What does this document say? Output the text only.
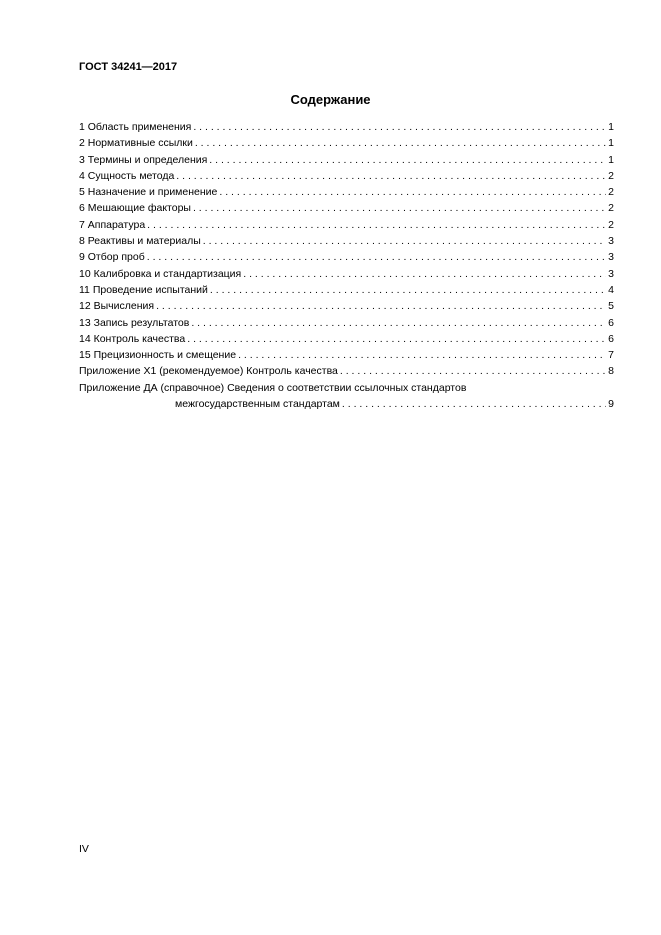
ГОСТ 34241—2017
Содержание
1 Область применения . . .	1
2 Нормативные ссылки . . .	1
3 Термины и определения . . .	1
4 Сущность метода . . .	2
5 Назначение и применение . . .	2
6 Мешающие факторы . . .	2
7 Аппаратура . . .	2
8 Реактивы и материалы . . .	3
9 Отбор проб . . .	3
10 Калибровка и стандартизация . . .	3
11 Проведение испытаний . . .	4
12 Вычисления . . .	5
13 Запись результатов . . .	6
14 Контроль качества . . .	6
15 Прецизионность и смещение . . .	7
Приложение Х1 (рекомендуемое) Контроль качества . . .	8
Приложение ДА (справочное) Сведения о соответствии ссылочных стандартов
межгосударственным стандартам . . .	9
IV
